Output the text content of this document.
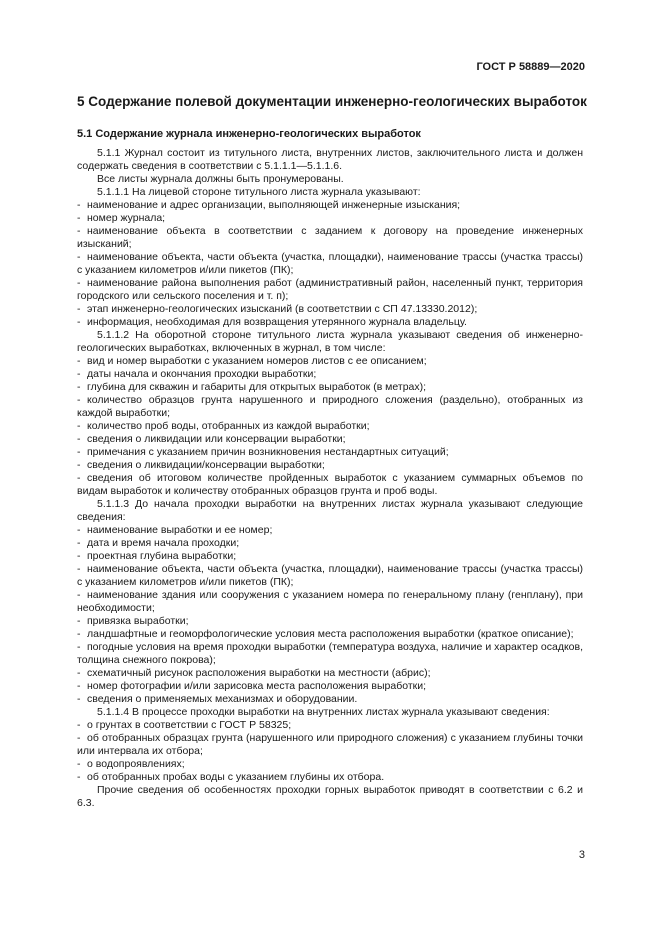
ГОСТ Р 58889—2020
5 Содержание полевой документации инженерно-геологических выработок
5.1 Содержание журнала инженерно-геологических выработок
5.1.1 Журнал состоит из титульного листа, внутренних листов, заключительного листа и должен содержать сведения в соответствии с 5.1.1.1—5.1.1.6.
Все листы журнала должны быть пронумерованы.
5.1.1.1 На лицевой стороне титульного листа журнала указывают:
- наименование и адрес организации, выполняющей инженерные изыскания;
- номер журнала;
- наименование объекта в соответствии с заданием к договору на проведение инженерных изысканий;
- наименование объекта, части объекта (участка, площадки), наименование трассы (участка трассы) с указанием километров и/или пикетов (ПК);
- наименование района выполнения работ (административный район, населенный пункт, территория городского или сельского поселения и т. п);
- этап инженерно-геологических изысканий (в соответствии с СП 47.13330.2012);
- информация, необходимая для возвращения утерянного журнала владельцу.
5.1.1.2 На оборотной стороне титульного листа журнала указывают сведения об инженерно-геологических выработках, включенных в журнал, в том числе:
- вид и номер выработки с указанием номеров листов с ее описанием;
- даты начала и окончания проходки выработки;
- глубина для скважин и габариты для открытых выработок (в метрах);
- количество образцов грунта нарушенного и природного сложения (раздельно), отобранных из каждой выработки;
- количество проб воды, отобранных из каждой выработки;
- сведения о ликвидации или консервации выработки;
- примечания с указанием причин возникновения нестандартных ситуаций;
- сведения о ликвидации/консервации выработки;
- сведения об итоговом количестве пройденных выработок с указанием суммарных объемов по видам выработок и количеству отобранных образцов грунта и проб воды.
5.1.1.3 До начала проходки выработки на внутренних листах журнала указывают следующие сведения:
- наименование выработки и ее номер;
- дата и время начала проходки;
- проектная глубина выработки;
- наименование объекта, части объекта (участка, площадки), наименование трассы (участка трассы) с указанием километров и/или пикетов (ПК);
- наименование здания или сооружения с указанием номера по генеральному плану (генплану), при необходимости;
- привязка выработки;
- ландшафтные и геоморфологические условия места расположения выработки (краткое описание);
- погодные условия на время проходки выработки (температура воздуха, наличие и характер осадков, толщина снежного покрова);
- схематичный рисунок расположения выработки на местности (абрис);
- номер фотографии и/или зарисовка места расположения выработки;
- сведения о применяемых механизмах и оборудовании.
5.1.1.4 В процессе проходки выработки на внутренних листах журнала указывают сведения:
- о грунтах в соответствии с ГОСТ Р 58325;
- об отобранных образцах грунта (нарушенного или природного сложения) с указанием глубины точки или интервала их отбора;
- о водопроявлениях;
- об отобранных пробах воды с указанием глубины их отбора.
Прочие сведения об особенностях проходки горных выработок приводят в соответствии с 6.2 и 6.3.
3
